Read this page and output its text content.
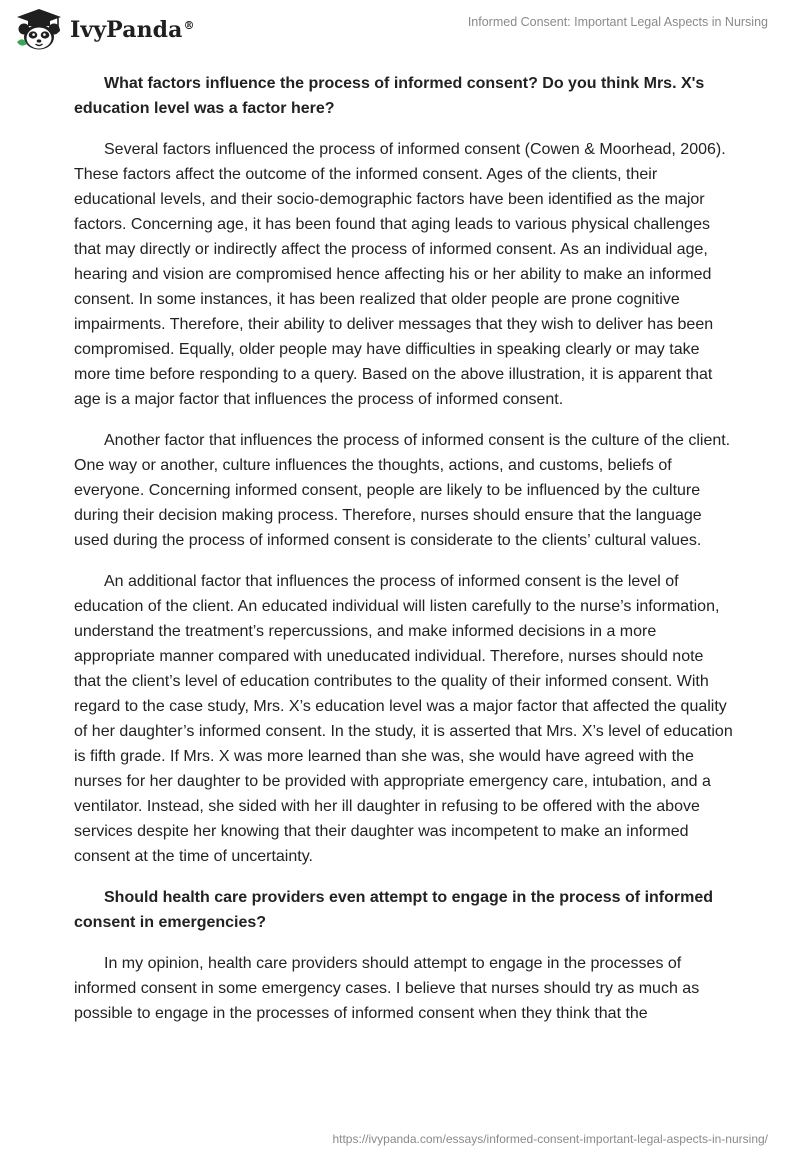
IvyPanda®	Informed Consent: Important Legal Aspects in Nursing

What factors influence the process of informed consent? Do you think Mrs. X's education level was a factor here?

Several factors influenced the process of informed consent (Cowen & Moorhead, 2006). These factors affect the outcome of the informed consent. Ages of the clients, their educational levels, and their socio-demographic factors have been identified as the major factors. Concerning age, it has been found that aging leads to various physical challenges that may directly or indirectly affect the process of informed consent. As an individual age, hearing and vision are compromised hence affecting his or her ability to make an informed consent. In some instances, it has been realized that older people are prone cognitive impairments. Therefore, their ability to deliver messages that they wish to deliver has been compromised. Equally, older people may have difficulties in speaking clearly or may take more time before responding to a query. Based on the above illustration, it is apparent that age is a major factor that influences the process of informed consent.

Another factor that influences the process of informed consent is the culture of the client. One way or another, culture influences the thoughts, actions, and customs, beliefs of everyone. Concerning informed consent, people are likely to be influenced by the culture during their decision making process. Therefore, nurses should ensure that the language used during the process of informed consent is considerate to the clients’ cultural values.

An additional factor that influences the process of informed consent is the level of education of the client. An educated individual will listen carefully to the nurse’s information, understand the treatment’s repercussions, and make informed decisions in a more appropriate manner compared with uneducated individual. Therefore, nurses should note that the client’s level of education contributes to the quality of their informed consent. With regard to the case study, Mrs. X’s education level was a major factor that affected the quality of her daughter’s informed consent. In the study, it is asserted that Mrs. X’s level of education is fifth grade. If Mrs. X was more learned than she was, she would have agreed with the nurses for her daughter to be provided with appropriate emergency care, intubation, and a ventilator. Instead, she sided with her ill daughter in refusing to be offered with the above services despite her knowing that their daughter was incompetent to make an informed consent at the time of uncertainty.

Should health care providers even attempt to engage in the process of informed consent in emergencies?

In my opinion, health care providers should attempt to engage in the processes of informed consent in some emergency cases. I believe that nurses should try as much as possible to engage in the processes of informed consent when they think that the

https://ivypanda.com/essays/informed-consent-important-legal-aspects-in-nursing/
